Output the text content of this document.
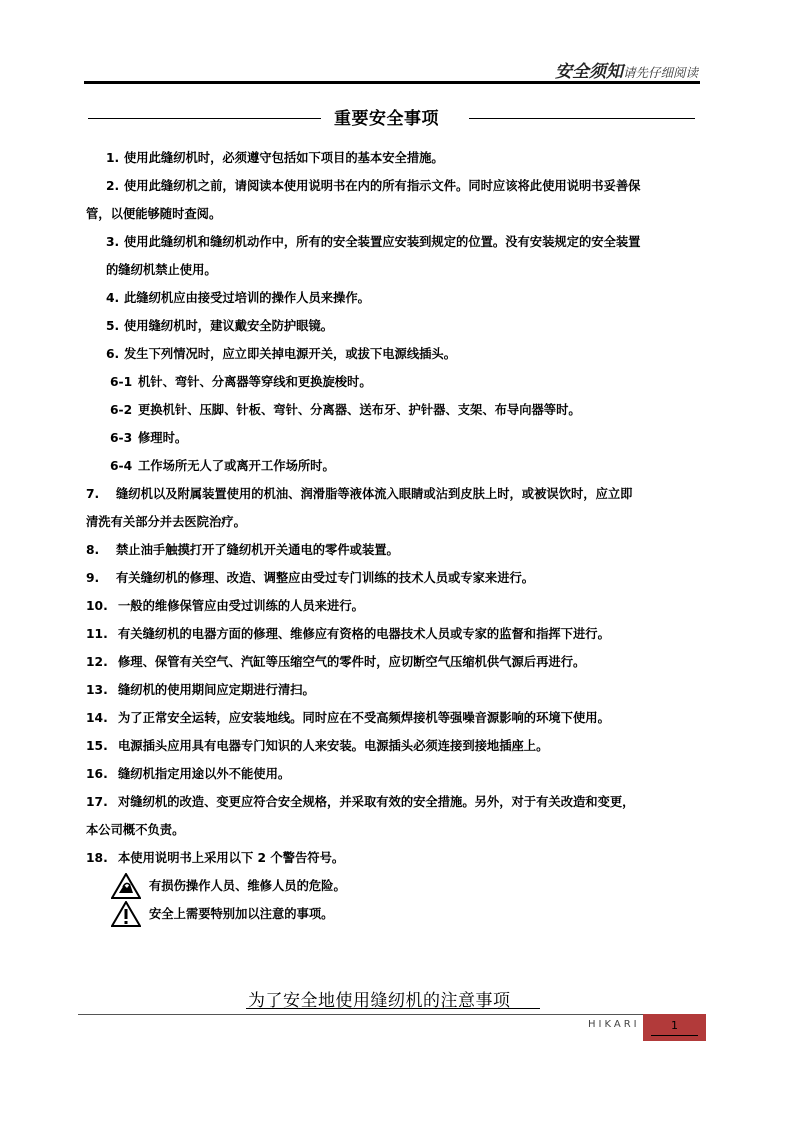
安全须知请先仔细阅读
重要安全事项

1. 使用此缝纫机时，必须遵守包括如下项目的基本安全措施。

2. 使用此缝纫机之前，请阅读本使用说明书在内的所有指示文件。同时应该将此使用说明书妥善保

管，以便能够随时查阅。

3. 使用此缝纫机和缝纫机动作中，所有的安全装置应安装到规定的位置。没有安装规定的安全装置

的缝纫机禁止使用。

4. 此缝纫机应由接受过培训的操作人员来操作。

5. 使用缝纫机时，建议戴安全防护眼镜。

6. 发生下列情况时，应立即关掉电源开关，或拔下电源线插头。

6-1 机针、弯针、分离器等穿线和更换旋梭时。

6-2 更换机针、压脚、针板、弯针、分离器、送布牙、护针器、支架、布导向器等时。

6-3 修理时。

6-4 工作场所无人了或离开工作场所时。

7. 缝纫机以及附属装置使用的机油、润滑脂等液体流入眼睛或沾到皮肤上时，或被误饮时，应立即

清洗有关部分并去医院治疗。

8. 禁止油手触摸打开了缝纫机开关通电的零件或装置。

9. 有关缝纫机的修理、改造、调整应由受过专门训练的技术人员或专家来进行。

10. 一般的维修保管应由受过训练的人员来进行。

11. 有关缝纫机的电器方面的修理、维修应有资格的电器技术人员或专家的监督和指挥下进行。

12. 修理、保管有关空气、汽缸等压缩空气的零件时，应切断空气压缩机供气源后再进行。

13. 缝纫机的使用期间应定期进行清扫。

14. 为了正常安全运转，应安装地线。同时应在不受高频焊接机等强噪音源影响的环境下使用。

15. 电源插头应用具有电器专门知识的人来安装。电源插头必须连接到接地插座上。

16. 缝纫机指定用途以外不能使用。

17. 对缝纫机的改造、变更应符合安全规格，并采取有效的安全措施。另外，对于有关改造和变更，

本公司概不负责。

18. 本使用说明书上采用以下 2 个警告符号。

有损伤操作人员、维修人员的危险。
安全上需要特别加以注意的事项。
为了安全地使用缝纫机的注意事项
HIKARI	1
